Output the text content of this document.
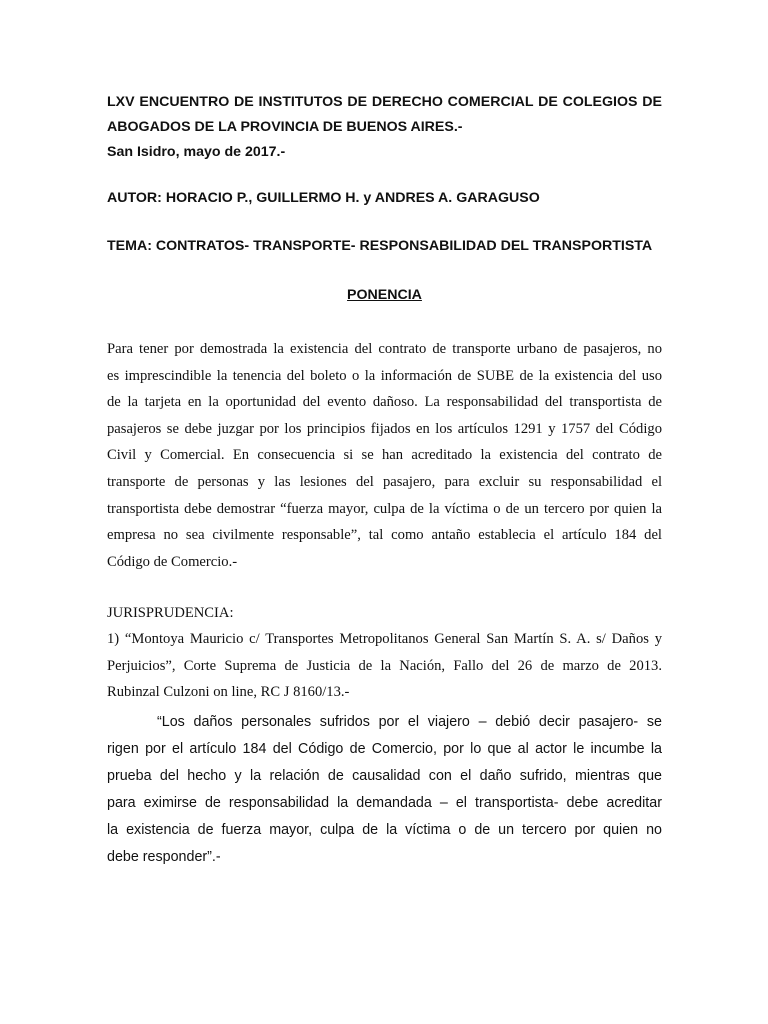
LXV ENCUENTRO DE INSTITUTOS DE DERECHO COMERCIAL DE COLEGIOS DE
ABOGADOS DE LA PROVINCIA DE BUENOS AIRES.-
San Isidro, mayo de 2017.-
AUTOR: HORACIO P., GUILLERMO H. y ANDRES A. GARAGUSO
TEMA: CONTRATOS- TRANSPORTE- RESPONSABILIDAD DEL TRANSPORTISTA
PONENCIA
Para tener por demostrada la existencia del contrato de transporte urbano de pasajeros, no
es imprescindible la tenencia del boleto o la información de SUBE de la existencia del uso
de la tarjeta en la oportunidad del evento dañoso. La responsabilidad del transportista de
pasajeros se debe juzgar por los principios fijados en los artículos 1291 y 1757 del Código
Civil y Comercial. En consecuencia si se han acreditado la existencia del contrato de
transporte de personas y las lesiones del pasajero, para excluir su responsabilidad el
transportista debe demostrar “fuerza mayor, culpa de la víctima o de un tercero por quien la
empresa no sea civilmente responsable”, tal como antaño establecia el artículo 184 del
Código de Comercio.-
JURISPRUDENCIA:
1) “Montoya Mauricio c/ Transportes Metropolitanos General San Martín S. A. s/ Daños y
Perjuicios”, Corte Suprema de Justicia de la Nación, Fallo del 26 de marzo de 2013.
Rubinzal Culzoni on line, RC J 8160/13.-
“Los daños personales sufridos por el viajero – debió decir pasajero- se
rigen por el artículo 184 del Código de Comercio, por lo que al actor le incumbe la
prueba del hecho y la relación de causalidad con el daño sufrido, mientras que
para eximirse de responsabilidad la demandada – el transportista- debe acreditar
la existencia de fuerza mayor, culpa de la víctima o de un tercero por quien no
debe responder”.-
